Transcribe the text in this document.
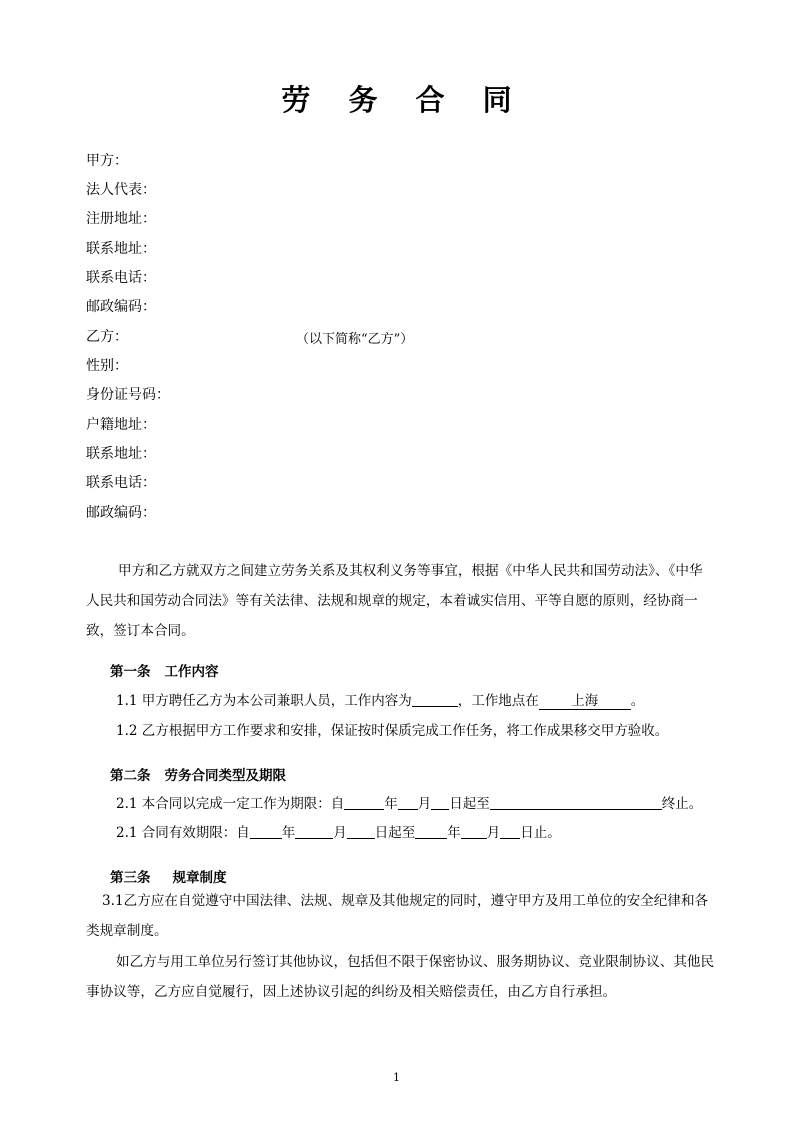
劳 务 合 同
甲方：
法人代表：
注册地址：
联系地址：
联系电话：
邮政编码：
乙方：	（以下简称“乙方”）
性别：
身份证号码：
户籍地址：
联系地址：
联系电话：
邮政编码：
甲方和乙方就双方之间建立劳务关系及其权利义务等事宜，根据《中华人民共和国劳动法》、《中华人民共和国劳动合同法》等有关法律、法规和规章的规定，本着诚实信用、平等自愿的原则，经协商一致，签订本合同。
第一条 工作内容
1.1 甲方聘任乙方为本公司兼职人员，工作内容为	，工作地点在 上海 。
1.2 乙方根据甲方工作要求和安排，保证按时保质完成工作任务，将工作成果移交甲方验收。
第二条 劳务合同类型及期限
2.1 本合同以完成一定工作为期限：自	年 月 日起至	终止。
2.1 合同有效期限：自 年	月 日起至 年 月 日止。
第三条 规章制度
3.1乙方应在自觉遵守中国法律、法规、规章及其他规定的同时，遵守甲方及用工单位的安全纪律和各类规章制度。
如乙方与用工单位另行签订其他协议，包括但不限于保密协议、服务期协议、竞业限制协议、其他民事协议等，乙方应自觉履行，因上述协议引起的纠纷及相关赔偿责任，由乙方自行承担。
1
